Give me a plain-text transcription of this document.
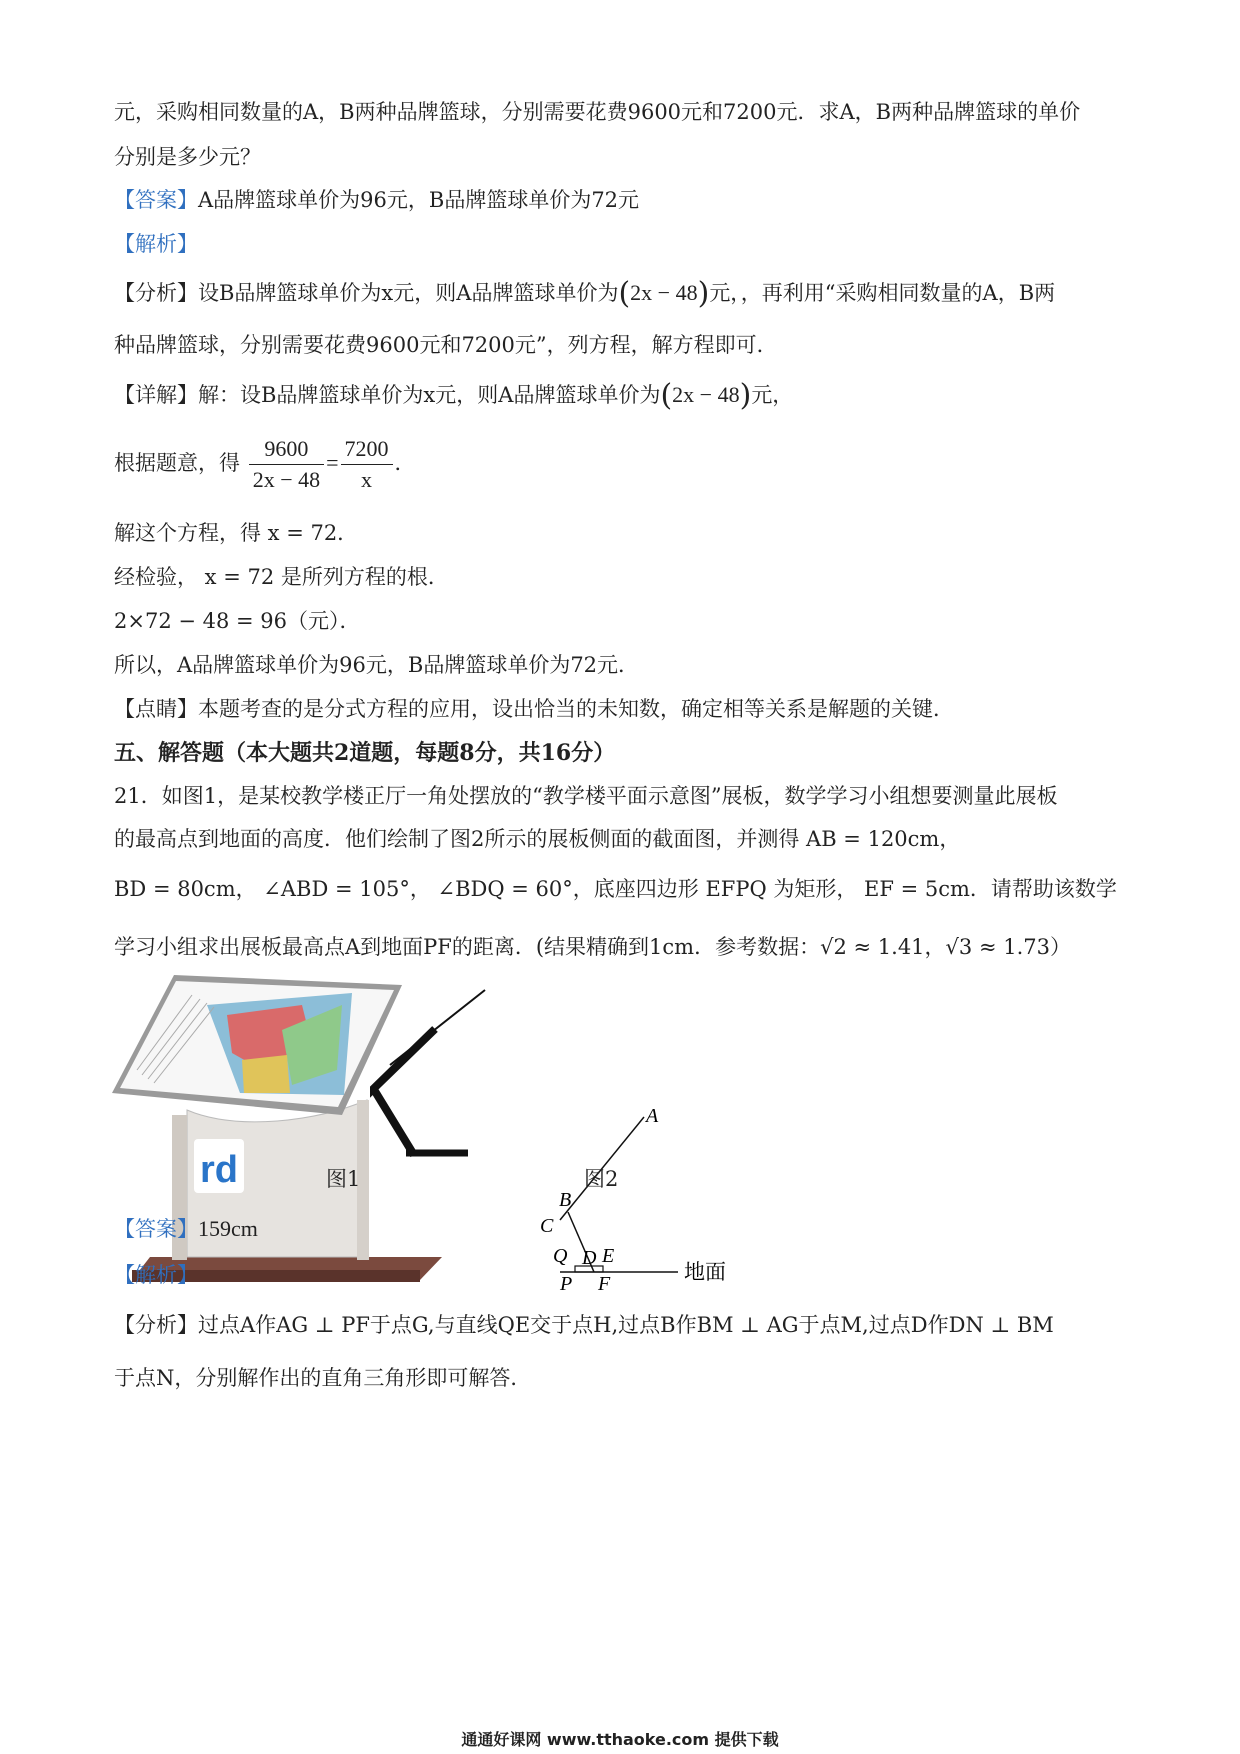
元，采购相同数量的A，B两种品牌篮球，分别需要花费9600元和7200元．求A，B两种品牌篮球的单价
分别是多少元？
【答案】A品牌篮球单价为96元，B品牌篮球单价为72元
【解析】
【分析】设B品牌篮球单价为x元，则A品牌篮球单价为(2x − 48)元，，再利用“采购相同数量的A，B两
种品牌篮球，分别需要花费9600元和7200元”，列方程，解方程即可．
【详解】解：设B品牌篮球单价为x元，则A品牌篮球单价为(2x − 48)元，
根据题意，得 $\frac{9600}{2x - 48} = \frac{7200}{x}$ ．
解这个方程，得 x = 72．
经检验， x = 72 是所列方程的根．
2×72 − 48 = 96（元）．
所以，A品牌篮球单价为96元，B品牌篮球单价为72元．
【点睛】本题考查的是分式方程的应用，设出恰当的未知数，确定相等关系是解题的关键．
五、解答题（本大题共2道题，每题8分，共16分）
21．如图1，是某校教学楼正厅一角处摆放的“教学楼平面示意图”展板，数学学习小组想要测量此展板
的最高点到地面的高度．他们绘制了图2所示的展板侧面的截面图，并测得 AB = 120cm，
BD = 80cm， ∠ABD = 105°， ∠BDQ = 60°，底座四边形 EFPQ 为矩形， EF = 5cm．请帮助该数学
学习小组求出展板最高点A到地面PF的距离．(结果精确到1cm．参考数据：√2 ≈ 1.41，√3 ≈ 1.73）
rd	图1
A
B
C
D E
Q
P F	地面
图2
【答案】159cm
【解析】
【分析】过点A作AG ⊥ PF于点G,与直线QE交于点H,过点B作BM ⊥ AG于点M,过点D作DN ⊥ BM
于点N，分别解作出的直角三角形即可解答．
通通好课网 www.tthaoke.com 提供下载
